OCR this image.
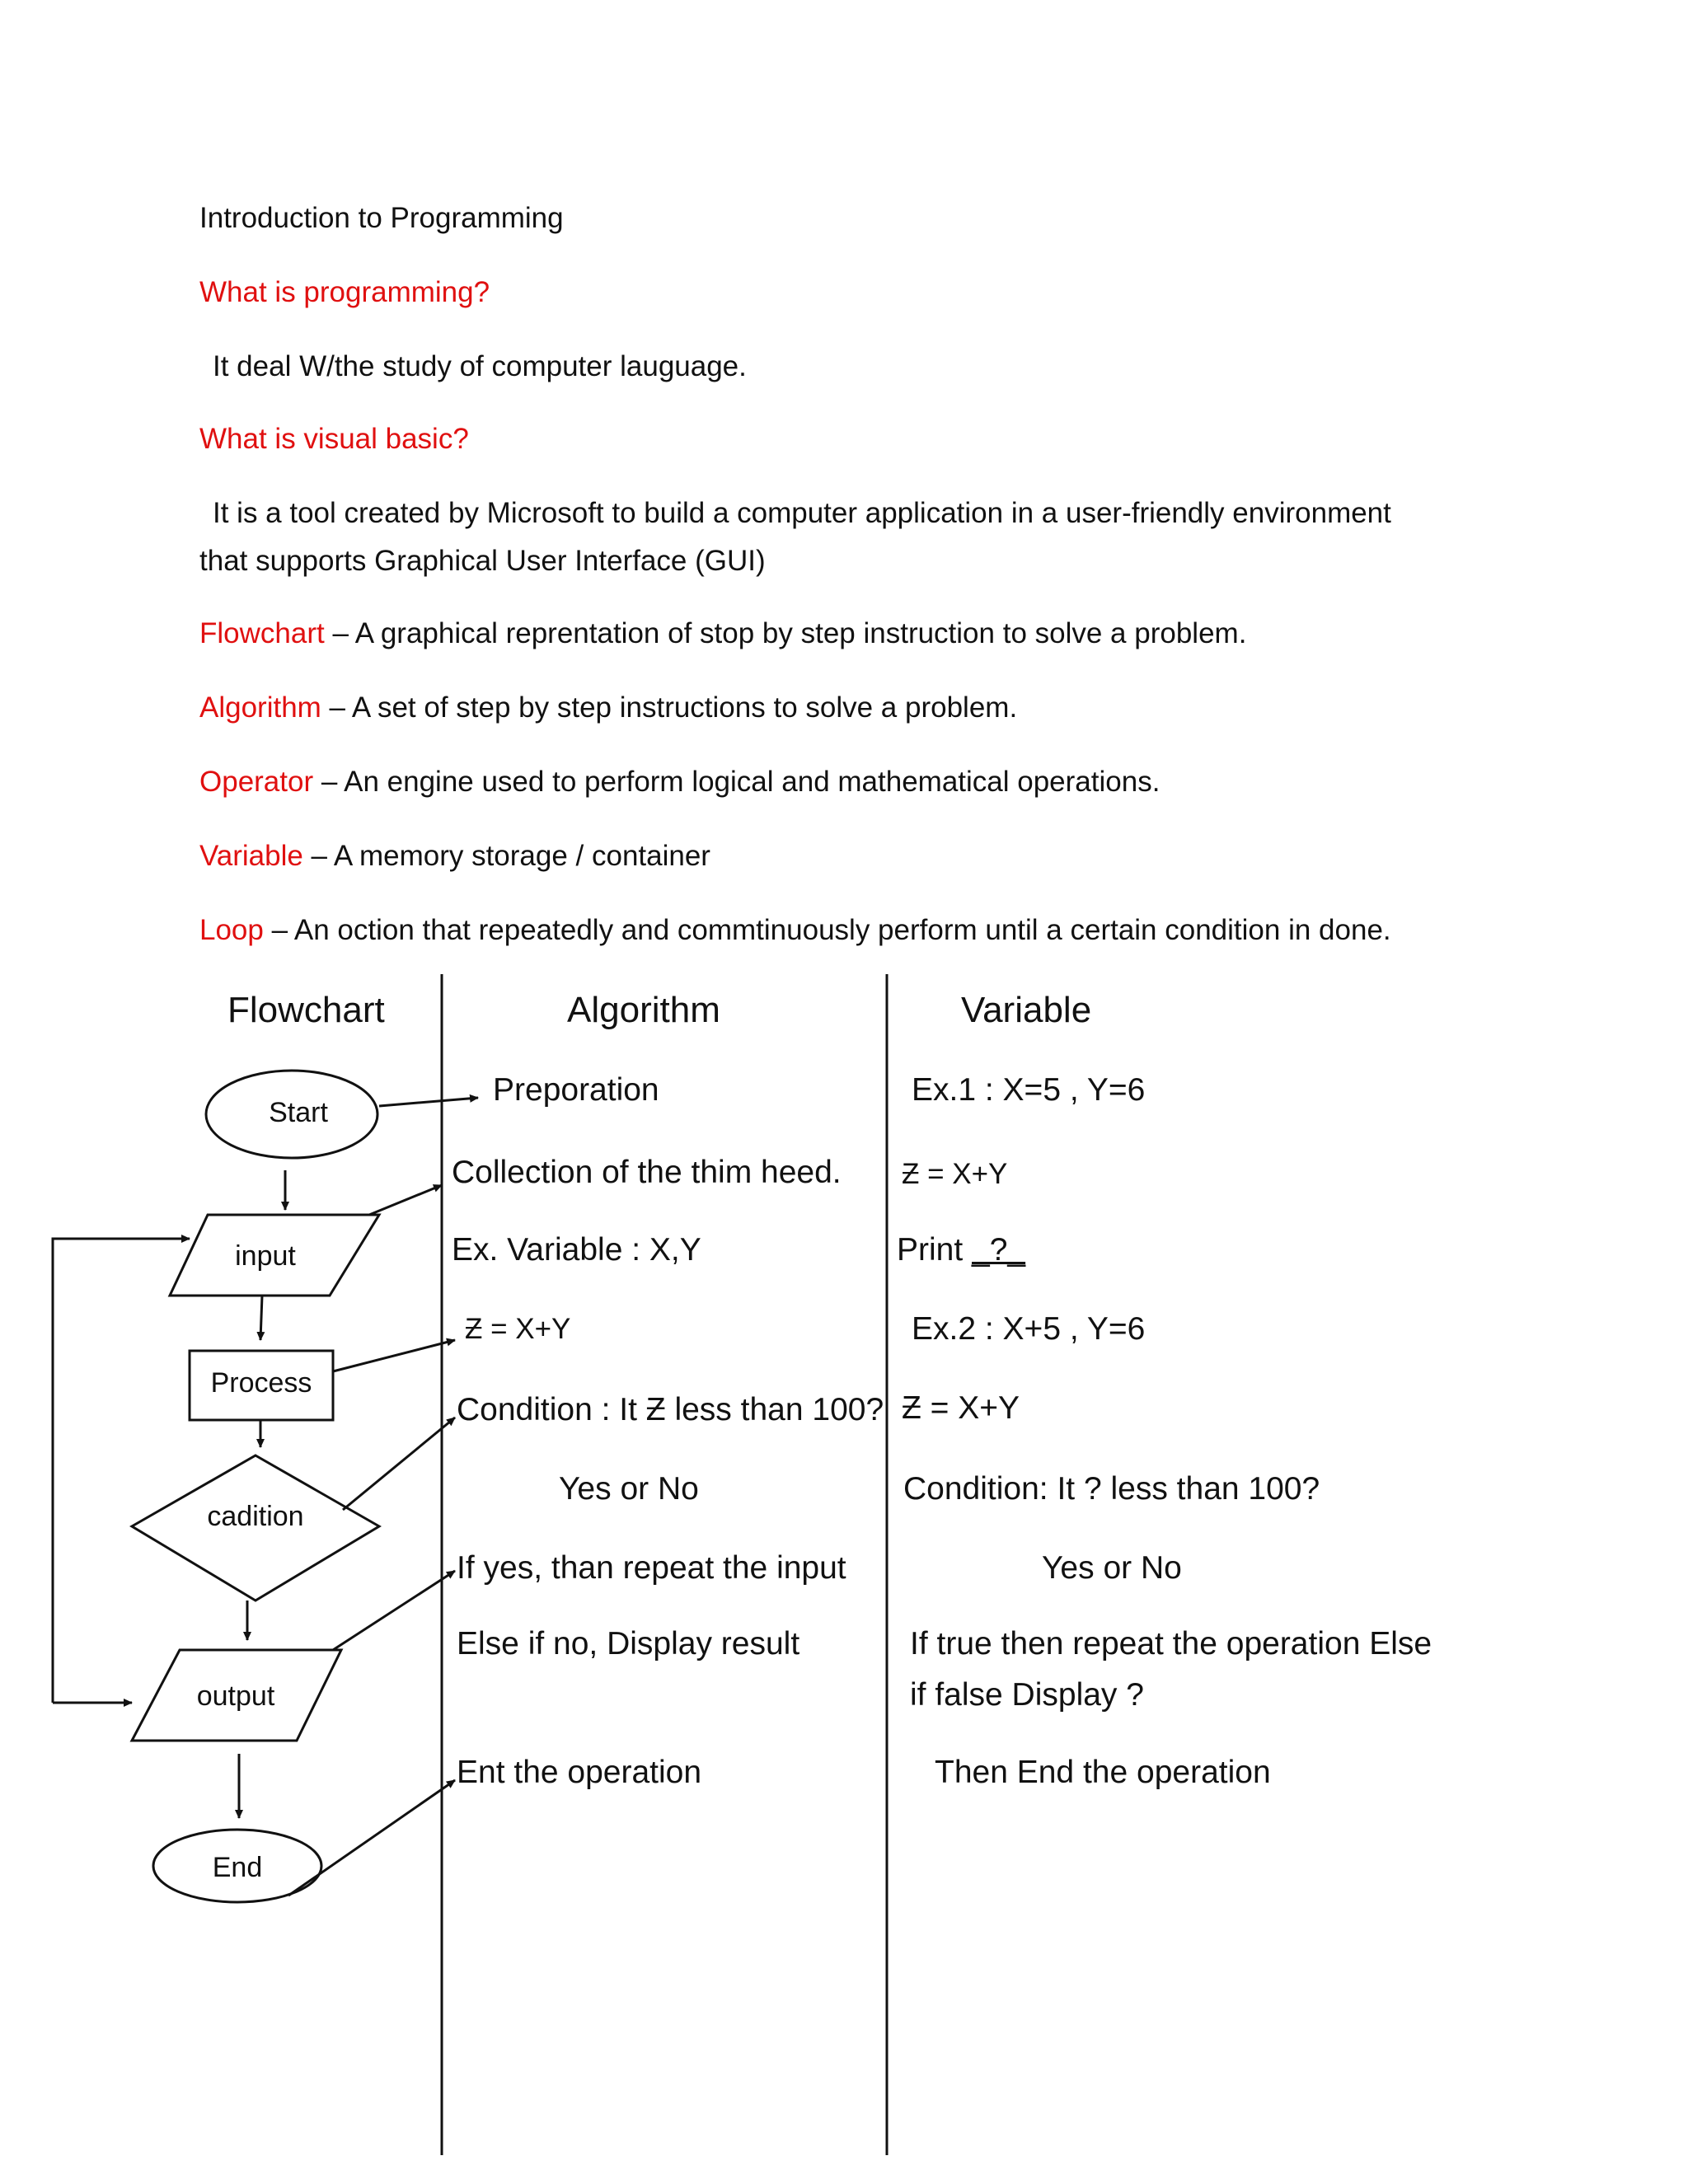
Introduction to Programming
What is programming?
It deal W/the study of computer lauguage.
What is visual basic?
It is a tool created by Microsoft to build a computer application in a user-friendly environment
that supports Graphical User Interface (GUI)
Flowchart – A graphical reprentation of stop by step instruction to solve a problem.
Algorithm – A set of step by step instructions to solve a problem.
Operator – An engine used to perform logical and mathematical operations.
Variable – A memory storage / container
Loop – An oction that repeatedly and commtinuously perform until a certain condition in done.
Start
input
Process
cadition
output
End
Flowchart	Algorithm	Variable
Preporation
Collection of the thim heed.
Ex. Variable : X,Y
Ƶ = X+Y
Condition : It Ƶ less than 100?
Yes or No
If yes, than repeat the input
Else if no, Display result
Ent the operation
Ex.1 : X=5 , Y=6
Ƶ = X+Y
Print _?_
Ex.2 : X+5 , Y=6
Ƶ = X+Y
Condition: It ? less than 100?
Yes or No
If true then repeat the operation Else
if false Display ?
Then End the operation
